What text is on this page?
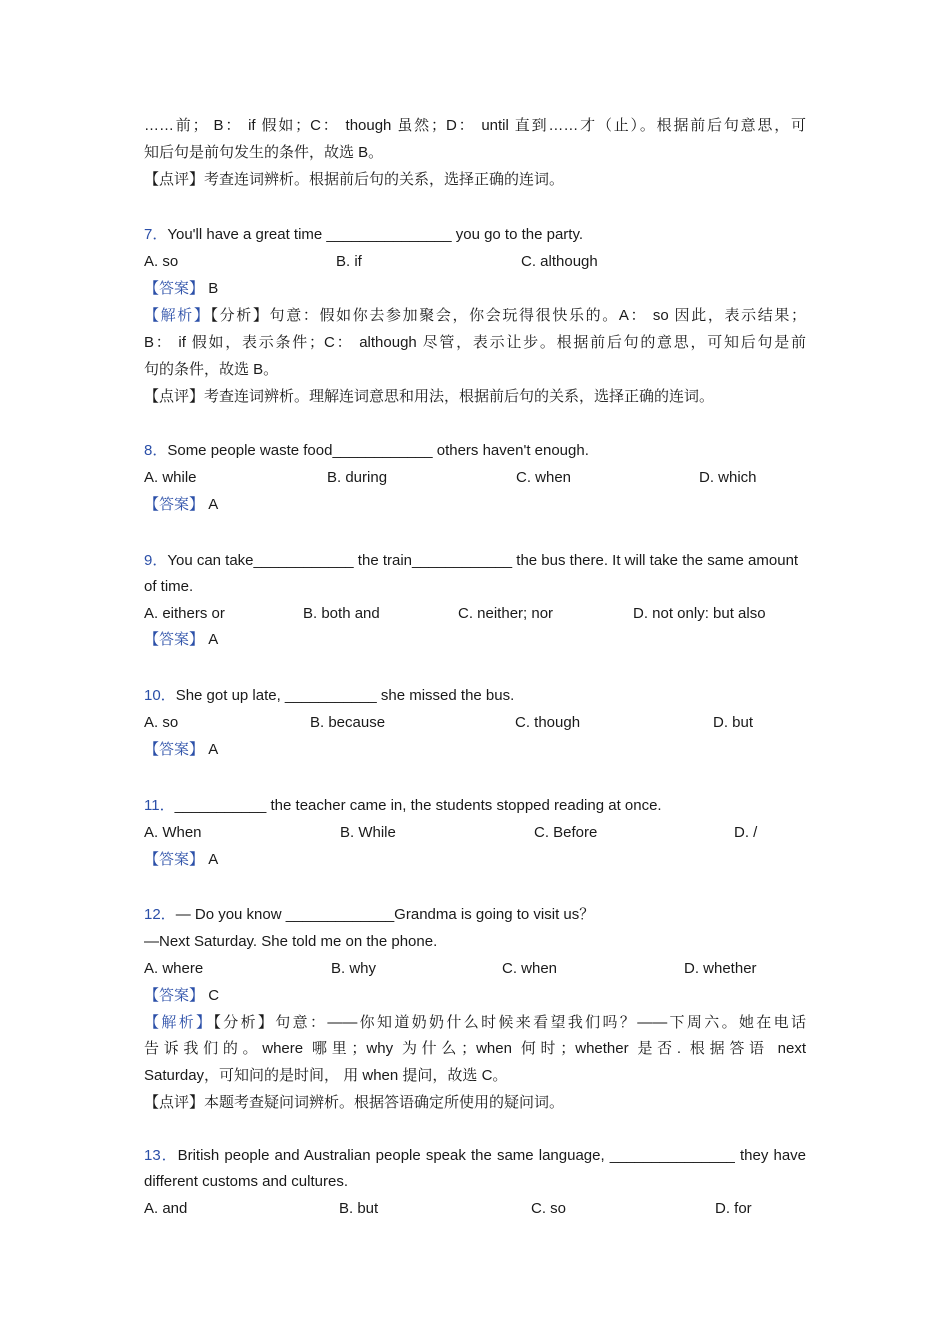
……前； B： if 假如；C： though 虽然；D： until 直到……才（止）。根据前后句意思，可
知后句是前句发生的条件，故选 B。
【点评】考查连词辨析。根据前后句的关系，选择正确的连词。
7．You'll have a great time _______________ you go to the party.
A. so	B. if	C. although
【答案】 B
【解析】【分析】句意：假如你去参加聚会，你会玩得很快乐的。A： so 因此，表示结果；
B： if 假如，表示条件；C： although 尽管，表示让步。根据前后句的意思，可知后句是前
句的条件，故选 B。
【点评】考查连词辨析。理解连词意思和用法，根据前后句的关系，选择正确的连词。
8．Some people waste food____________ others haven't enough.
A. while	B. during	C. when	D. which
【答案】 A
9．You can take____________ the train____________ the bus there. It will take the same amount
of time.
A. eithers or	B. both and	C. neither; nor	D. not only: but also
【答案】 A
10．She got up late, ___________ she missed the bus.
A. so	B. because	C. though	D. but
【答案】 A
11．___________ the teacher came in, the students stopped reading at once.
A. When	B. While	C. Before	D. /
【答案】 A
12．— Do you know _____________Grandma is going to visit us？
—Next Saturday. She told me on the phone.
A. where	B. why	C. when	D. whether
【答案】 C
【解析】【分析】句意：——你知道奶奶什么时候来看望我们吗？——下周六。她在电话
告诉我们的。where 哪里；why 为什么；when 何时；whether 是否. 根据答语 next
Saturday，可知问的是时间， 用 when 提问，故选 C。
【点评】本题考查疑问词辨析。根据答语确定所使用的疑问词。
13．British people and Australian people speak the same language, _______________ they have
different customs and cultures.
A. and	B. but	C. so	D. for
